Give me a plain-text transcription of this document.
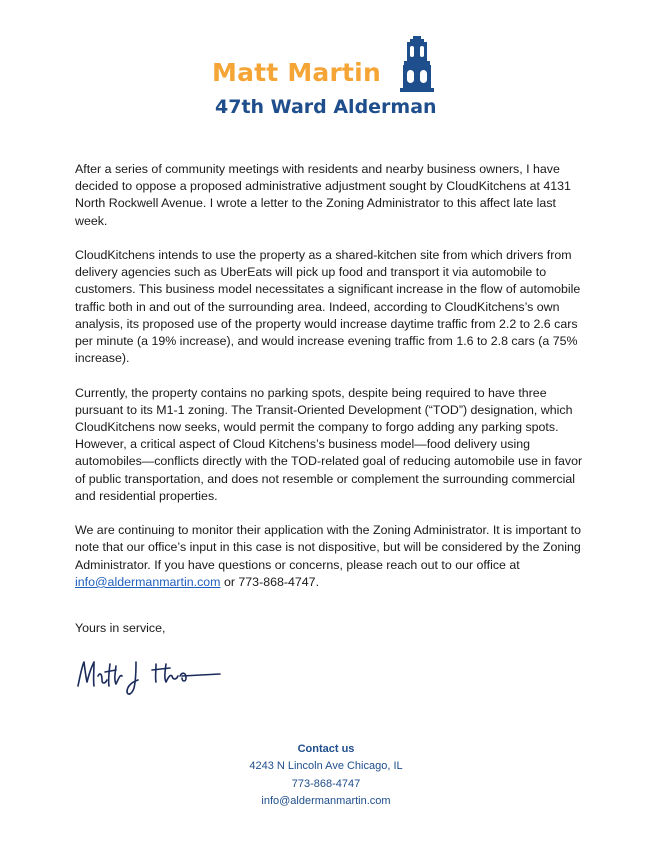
Matt Martin
47th Ward Alderman

After a series of community meetings with residents and nearby business owners, I have decided to oppose a proposed administrative adjustment sought by CloudKitchens at 4131 North Rockwell Avenue. I wrote a letter to the Zoning Administrator to this affect late last week.

CloudKitchens intends to use the property as a shared-kitchen site from which drivers from delivery agencies such as UberEats will pick up food and transport it via automobile to customers. This business model necessitates a significant increase in the flow of automobile traffic both in and out of the surrounding area. Indeed, according to CloudKitchens’s own analysis, its proposed use of the property would increase daytime traffic from 2.2 to 2.6 cars per minute (a 19% increase), and would increase evening traffic from 1.6 to 2.8 cars (a 75% increase).

Currently, the property contains no parking spots, despite being required to have three pursuant to its M1-1 zoning. The Transit-Oriented Development (“TOD”) designation, which CloudKitchens now seeks, would permit the company to forgo adding any parking spots. However, a critical aspect of Cloud Kitchens’s business model—food delivery using automobiles—conflicts directly with the TOD-related goal of reducing automobile use in favor of public transportation, and does not resemble or complement the surrounding commercial and residential properties.

We are continuing to monitor their application with the Zoning Administrator. It is important to note that our office’s input in this case is not dispositive, but will be considered by the Zoning Administrator. If you have questions or concerns, please reach out to our office at info@aldermanmartin.com or 773-868-4747.

Yours in service,
Contact us
4243 N Lincoln Ave Chicago, IL
773-868-4747
info@aldermanmartin.com
